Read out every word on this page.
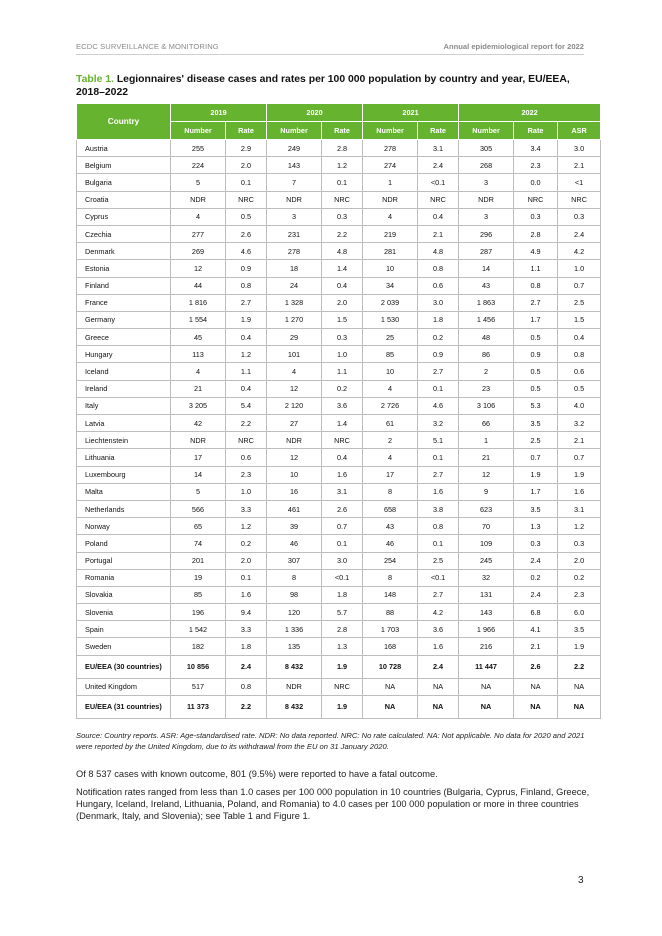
ECDC SURVEILLANCE & MONITORING	Annual epidemiological report for 2022
Table 1. Legionnaires' disease cases and rates per 100 000 population by country and year, EU/EEA, 2018–2022
Country	2019		2020		2021		2022		
	Number	Rate	Number	Rate	Number	Rate	Number	Rate	ASR
Austria	255	2.9	249	2.8	278	3.1	305	3.4	3.0
Belgium	224	2.0	143	1.2	274	2.4	268	2.3	2.1
Bulgaria	5	0.1	7	0.1	1	<0.1	3	0.0	<1
Croatia	NDR	NRC	NDR	NRC	NDR	NRC	NDR	NRC	NRC
Cyprus	4	0.5	3	0.3	4	0.4	3	0.3	0.3
Czechia	277	2.6	231	2.2	219	2.1	296	2.8	2.4
Denmark	269	4.6	278	4.8	281	4.8	287	4.9	4.2
Estonia	12	0.9	18	1.4	10	0.8	14	1.1	1.0
Finland	44	0.8	24	0.4	34	0.6	43	0.8	0.7
France	1 816	2.7	1 328	2.0	2 039	3.0	1 863	2.7	2.5
Germany	1 554	1.9	1 270	1.5	1 530	1.8	1 456	1.7	1.5
Greece	45	0.4	29	0.3	25	0.2	48	0.5	0.4
Hungary	113	1.2	101	1.0	85	0.9	86	0.9	0.8
Iceland	4	1.1	4	1.1	10	2.7	2	0.5	0.6
Ireland	21	0.4	12	0.2	4	0.1	23	0.5	0.5
Italy	3 205	5.4	2 120	3.6	2 726	4.6	3 106	5.3	4.0
Latvia	42	2.2	27	1.4	61	3.2	66	3.5	3.2
Liechtenstein	NDR	NRC	NDR	NRC	2	5.1	1	2.5	2.1
Lithuania	17	0.6	12	0.4	4	0.1	21	0.7	0.7
Luxembourg	14	2.3	10	1.6	17	2.7	12	1.9	1.9
Malta	5	1.0	16	3.1	8	1.6	9	1.7	1.6
Netherlands	566	3.3	461	2.6	658	3.8	623	3.5	3.1
Norway	65	1.2	39	0.7	43	0.8	70	1.3	1.2
Poland	74	0.2	46	0.1	46	0.1	109	0.3	0.3
Portugal	201	2.0	307	3.0	254	2.5	245	2.4	2.0
Romania	19	0.1	8	<0.1	8	<0.1	32	0.2	0.2
Slovakia	85	1.6	98	1.8	148	2.7	131	2.4	2.3
Slovenia	196	9.4	120	5.7	88	4.2	143	6.8	6.0
Spain	1 542	3.3	1 336	2.8	1 703	3.6	1 966	4.1	3.5
Sweden	182	1.8	135	1.3	168	1.6	216	2.1	1.9
EU/EEA (30 countries)	10 856	2.4	8 432	1.9	10 728	2.4	11 447	2.6	2.2
United Kingdom	517	0.8	NDR	NRC	NA	NA	NA	NA	NA
EU/EEA (31 countries)	11 373	2.2	8 432	1.9	NA	NA	NA	NA	NA
Source: Country reports. ASR: Age-standardised rate. NDR: No data reported. NRC: No rate calculated. NA: Not applicable. No data for 2020 and 2021 were reported by the United Kingdom, due to its withdrawal from the EU on 31 January 2020.
Of 8 537 cases with known outcome, 801 (9.5%) were reported to have a fatal outcome.
Notification rates ranged from less than 1.0 cases per 100 000 population in 10 countries (Bulgaria, Cyprus, Finland, Greece, Hungary, Iceland, Ireland, Lithuania, Poland, and Romania) to 4.0 cases per 100 000 population or more in three countries (Denmark, Italy, and Slovenia); see Table 1 and Figure 1.
3
